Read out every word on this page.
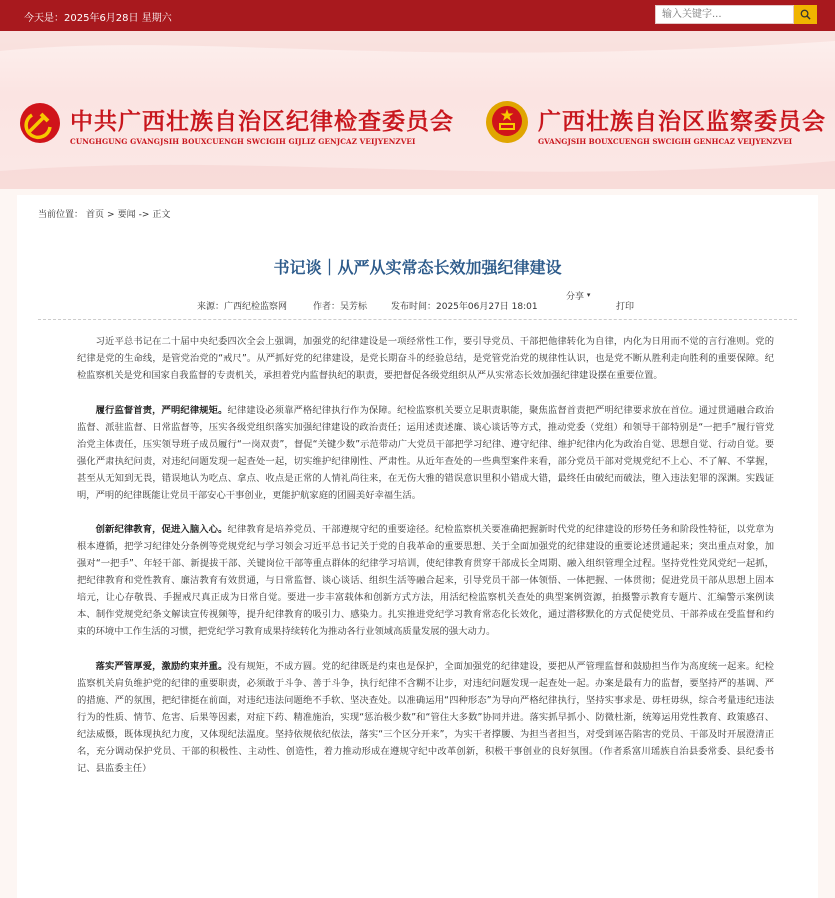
今天是：2025年6月28日 星期六
输入关键字...
中共广西壮族自治区纪律检查委员会
CUNGHGUNG GVANGJSIH BOUXCUENGH SWCIGIH GIJLIZ GENJCAZ VEIJYENZVEI
广西壮族自治区监察委员会
GVANGJSIH BOUXCUENGH SWCIGIH GENHCAZ VEIJYENZVEI
当前位置： 首页 > 要闻 -> 正文
书记谈｜从严从实常态长效加强纪律建设
来源：广西纪检监察网	作者：吴芳标	发布时间：2025年06月27日 18:01
分享 ▾
打印

习近平总书记在二十届中央纪委四次全会上强调，加强党的纪律建设是一项经常性工作，要引导党员、干部把他律转化为自律，内化为日用而不觉的言行准则。党的纪律是党的生命线，是管党治党的“戒尺”。从严抓好党的纪律建设，是党长期奋斗的经验总结，是党管党治党的规律性认识，也是党不断从胜利走向胜利的重要保障。纪检监察机关是党和国家自我监督的专责机关，承担着党内监督执纪的职责，要把督促各级党组织从严从实常态长效加强纪律建设摆在重要位置。

履行监督首责，严明纪律规矩。纪律建设必须靠严格纪律执行作为保障。纪检监察机关要立足职责职能，聚焦监督首责把严明纪律要求放在首位。通过贯通融合政治监督、派驻监督、日常监督等，压实各级党组织落实加强纪律建设的政治责任；运用述责述廉、谈心谈话等方式，推动党委（党组）和领导干部特别是“一把手”履行管党治党主体责任，压实领导班子成员履行“一岗双责”，督促“关键少数”示范带动广大党员干部把学习纪律、遵守纪律、维护纪律内化为政治自觉、思想自觉、行动自觉。要强化严肃执纪问责，对违纪问题发现一起查处一起，切实维护纪律刚性、严肃性。从近年查处的一些典型案件来看，部分党员干部对党规党纪不上心、不了解、不掌握，甚至从无知到无畏，错误地认为吃点、拿点、收点是正常的人情礼尚往来，在无伤大雅的错误意识里积小错成大错，最终任由破纪而破法，堕入违法犯罪的深渊。实践证明，严明的纪律既能让党员干部安心干事创业，更能护航家庭的团圆美好幸福生活。

创新纪律教育，促进入脑入心。纪律教育是培养党员、干部遵规守纪的重要途径。纪检监察机关要准确把握新时代党的纪律建设的形势任务和阶段性特征，以党章为根本遵循，把学习纪律处分条例等党规党纪与学习领会习近平总书记关于党的自我革命的重要思想、关于全面加强党的纪律建设的重要论述贯通起来；突出重点对象，加强对“一把手”、年轻干部、新提拔干部、关键岗位干部等重点群体的纪律学习培训，使纪律教育贯穿干部成长全周期、融入组织管理全过程。坚持党性党风党纪一起抓，把纪律教育和党性教育、廉洁教育有效贯通，与日常监督、谈心谈话、组织生活等融合起来，引导党员干部一体领悟、一体把握、一体贯彻；促进党员干部从思想上固本培元，让心存敬畏、手握戒尺真正成为日常自觉。要进一步丰富载体和创新方式方法，用活纪检监察机关查处的典型案例资源，拍摄警示教育专题片、汇编警示案例读本、制作党规党纪条文解读宣传视频等，提升纪律教育的吸引力、感染力。扎实推进党纪学习教育常态化长效化，通过潜移默化的方式促使党员、干部养成在受监督和约束的环境中工作生活的习惯，把党纪学习教育成果持续转化为推动各行业领域高质量发展的强大动力。

落实严管厚爱，激励约束并重。没有规矩，不成方圆。党的纪律既是约束也是保护，全面加强党的纪律建设，要把从严管理监督和鼓励担当作为高度统一起来。纪检监察机关肩负维护党的纪律的重要职责，必须敢于斗争、善于斗争，执行纪律不含糊不让步，对违纪问题发现一起查处一起。办案是最有力的监督，要坚持严的基调、严的措施、严的氛围，把纪律挺在前面，对违纪违法问题绝不手软、坚决查处。以准确运用“四种形态”为导向严格纪律执行，坚持实事求是、毋枉毋纵，综合考量违纪违法行为的性质、情节、危害、后果等因素，对症下药、精准施治，实现“惩治极少数”和“管住大多数”协同并进。落实抓早抓小、防微杜渐，统筹运用党性教育、政策感召、纪法威慑，既体现执纪力度，又体现纪法温度。坚持依规依纪依法，落实“三个区分开来”，为实干者撑腰、为担当者担当，对受到诬告陷害的党员、干部及时开展澄清正名，充分调动保护党员、干部的积极性、主动性、创造性，着力推动形成在遵规守纪中改革创新，积极干事创业的良好氛围。（作者系富川瑶族自治县委常委、县纪委书记、县监委主任）
